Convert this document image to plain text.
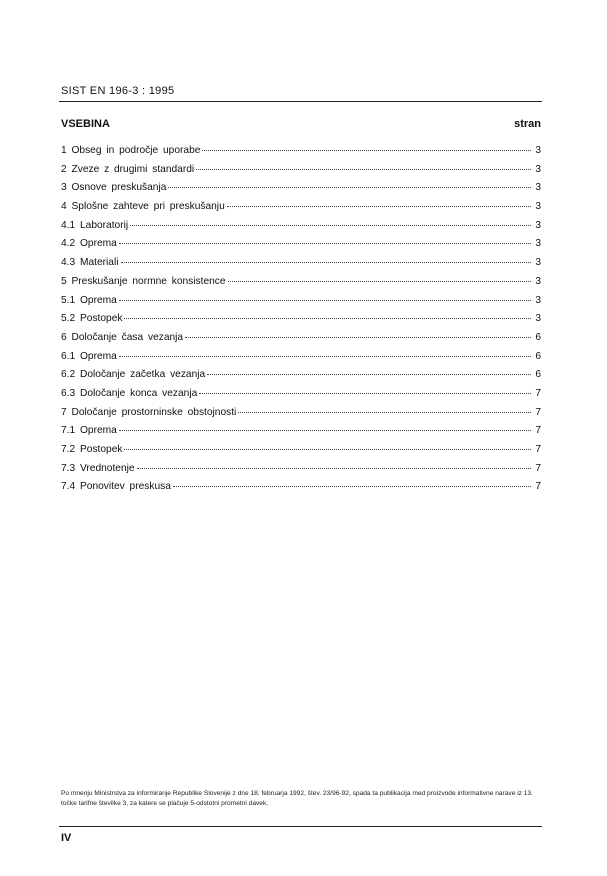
SIST EN 196-3 : 1995
VSEBINA	stran
1 Obseg in področje uporabe	3
2 Zveze z drugimi standardi	3
3 Osnove preskušanja	3
4 Splošne zahteve pri preskušanju	3
4.1 Laboratorij	3
4.2 Oprema	3
4.3 Materiali	3
5 Preskušanje normne konsistence	3
5.1 Oprema	3
5.2 Postopek	3
6 Določanje časa vezanja	6
6.1 Oprema	6
6.2 Določanje začetka vezanja	6
6.3 Določanje konca vezanja	7
7 Določanje prostorninske obstojnosti	7
7.1 Oprema	7
7.2 Postopek	7
7.3 Vrednotenje	7
7.4 Ponovitev preskusa	7
Po mnenju Ministrstva za informiranje Republike Slovenije z dne 18. februarja 1992, štev. 23/96-92, spada ta publikacija med proizvode informativne narave iz 13. točke tarifne številke 3, za katere se plačuje 5-odstotni prometni davek.
IV
